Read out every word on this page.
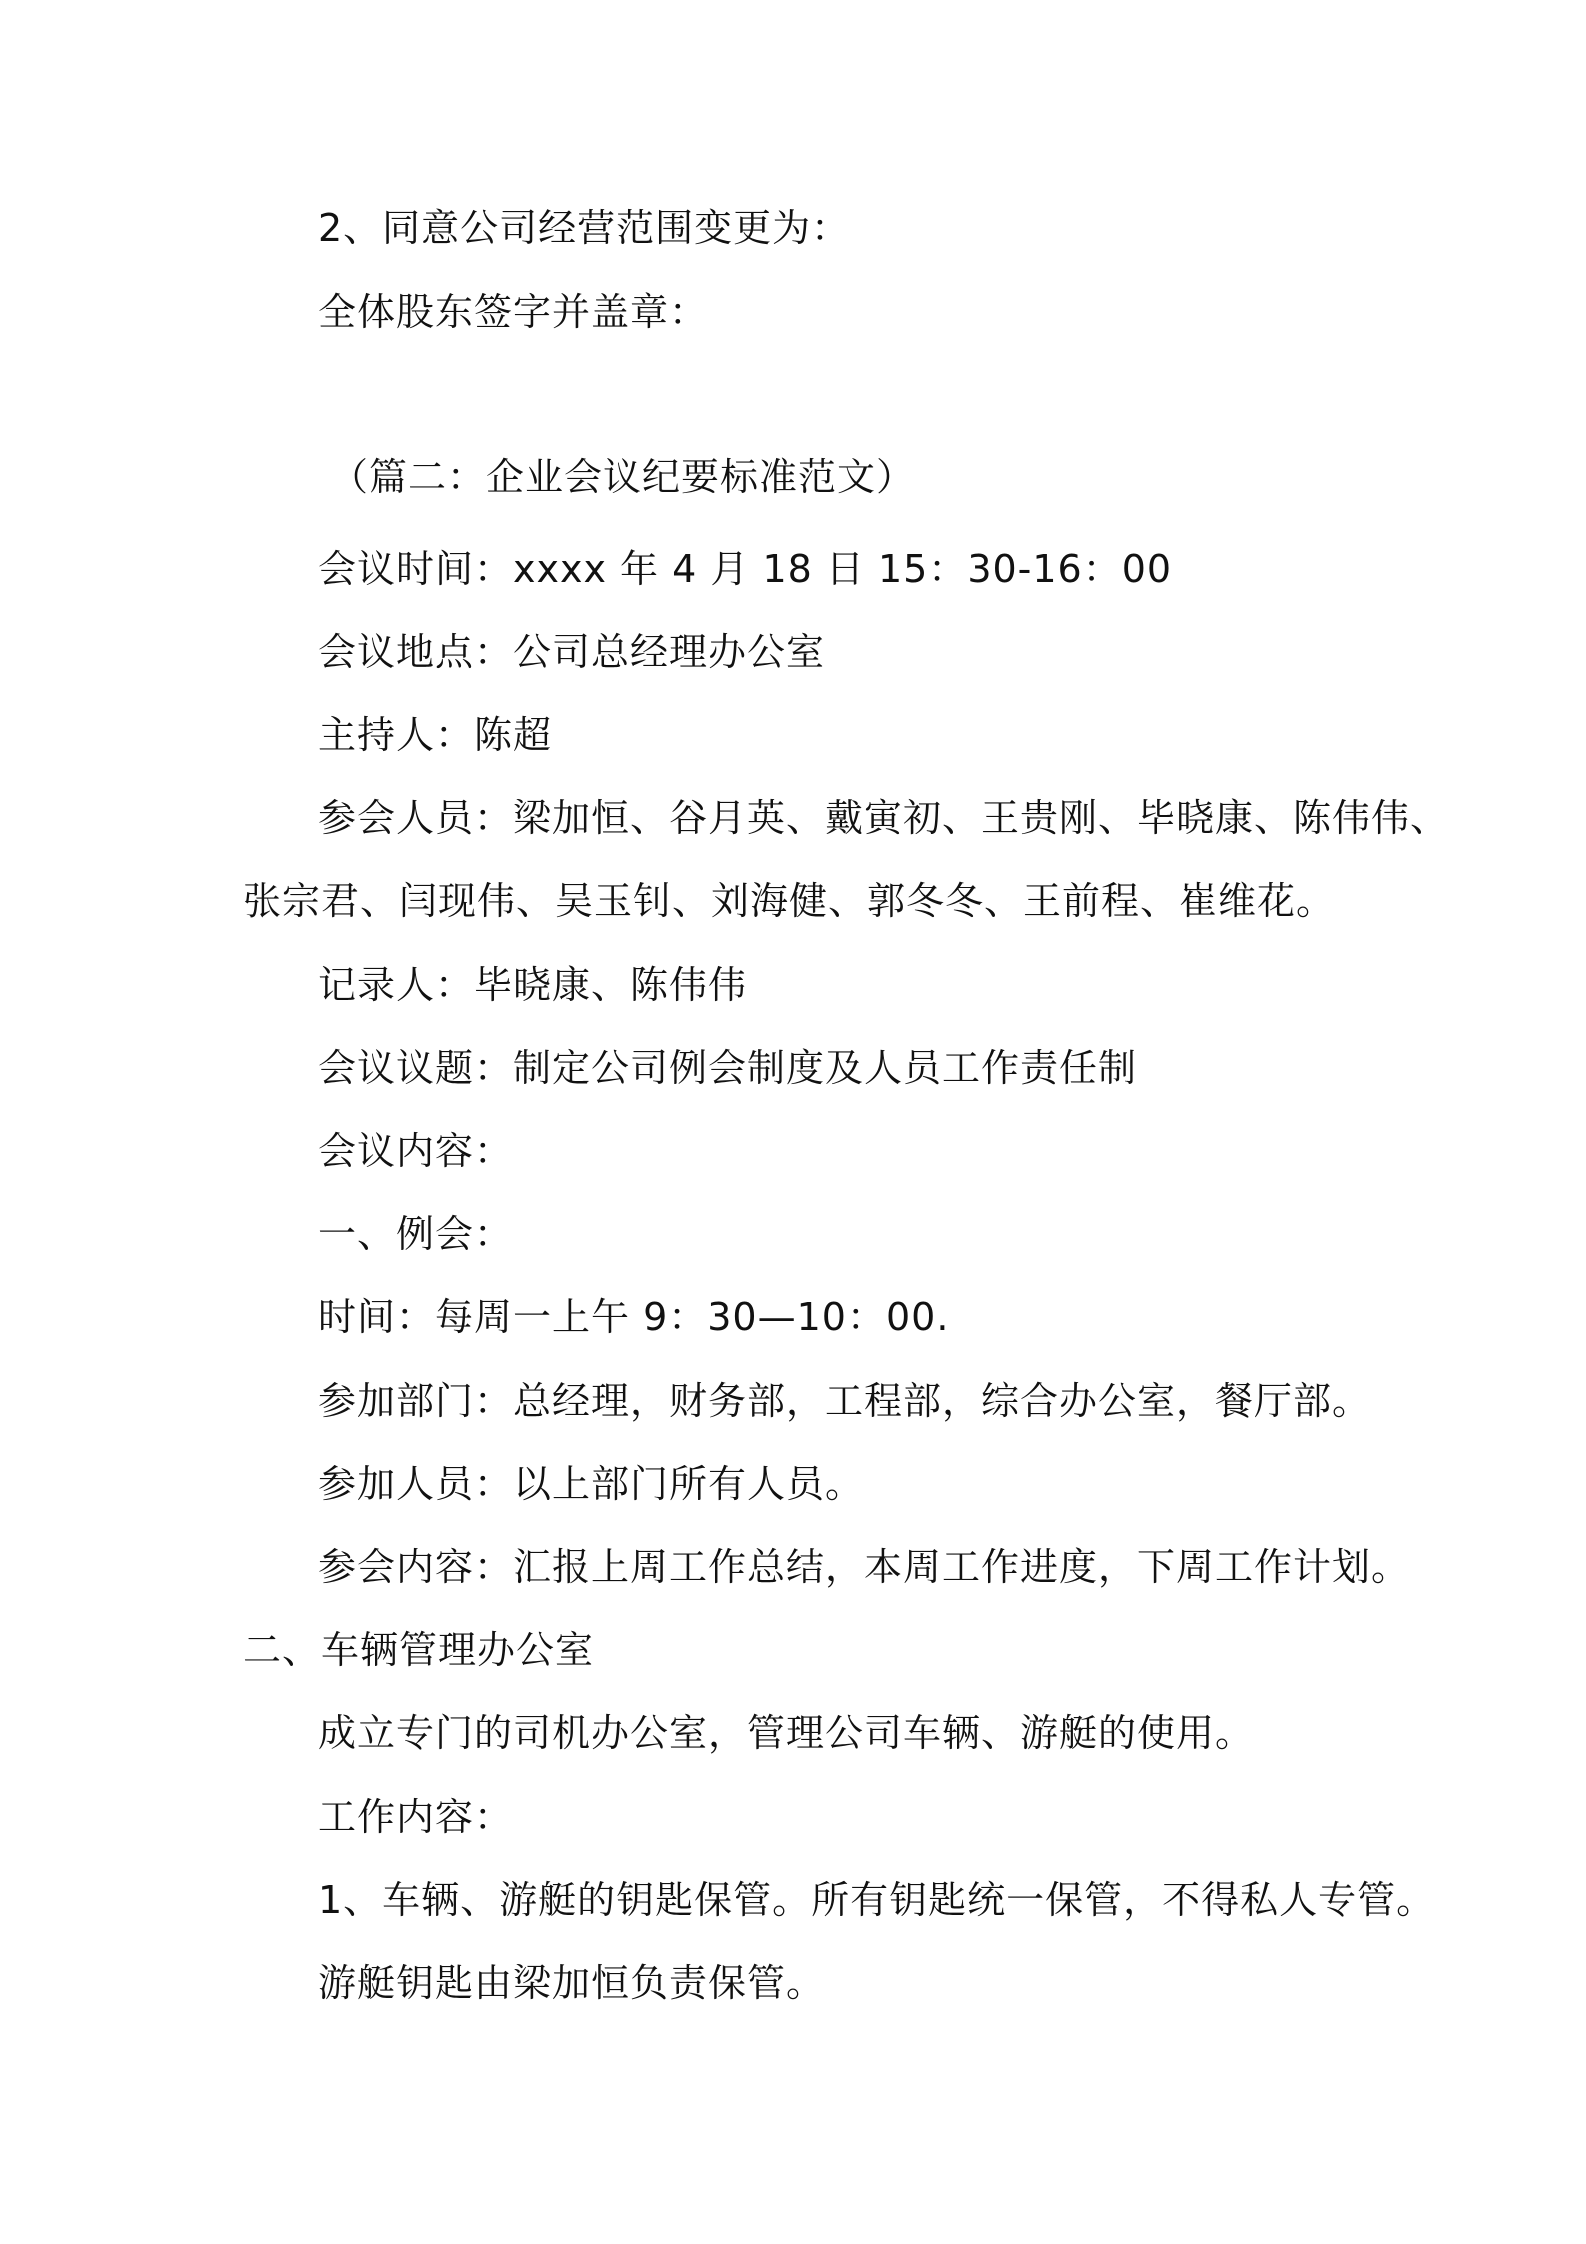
2、同意公司经营范围变更为：
全体股东签字并盖章：
（篇二：企业会议纪要标准范文）
会议时间：xxxx 年 4 月 18 日 15：30-16：00
会议地点：公司总经理办公室
主持人：陈超
参会人员：梁加恒、谷月英、戴寅初、王贵刚、毕晓康、陈伟伟、
张宗君、闫现伟、吴玉钊、刘海健、郭冬冬、王前程、崔维花。
记录人：毕晓康、陈伟伟
会议议题：制定公司例会制度及人员工作责任制
会议内容：
一、例会：
时间：每周一上午 9：30—10：00.
参加部门：总经理，财务部，工程部，综合办公室，餐厅部。
参加人员：以上部门所有人员。
参会内容：汇报上周工作总结，本周工作进度，下周工作计划。
二、车辆管理办公室
成立专门的司机办公室，管理公司车辆、游艇的使用。
工作内容：
1、车辆、游艇的钥匙保管。所有钥匙统一保管，不得私人专管。
游艇钥匙由梁加恒负责保管。
